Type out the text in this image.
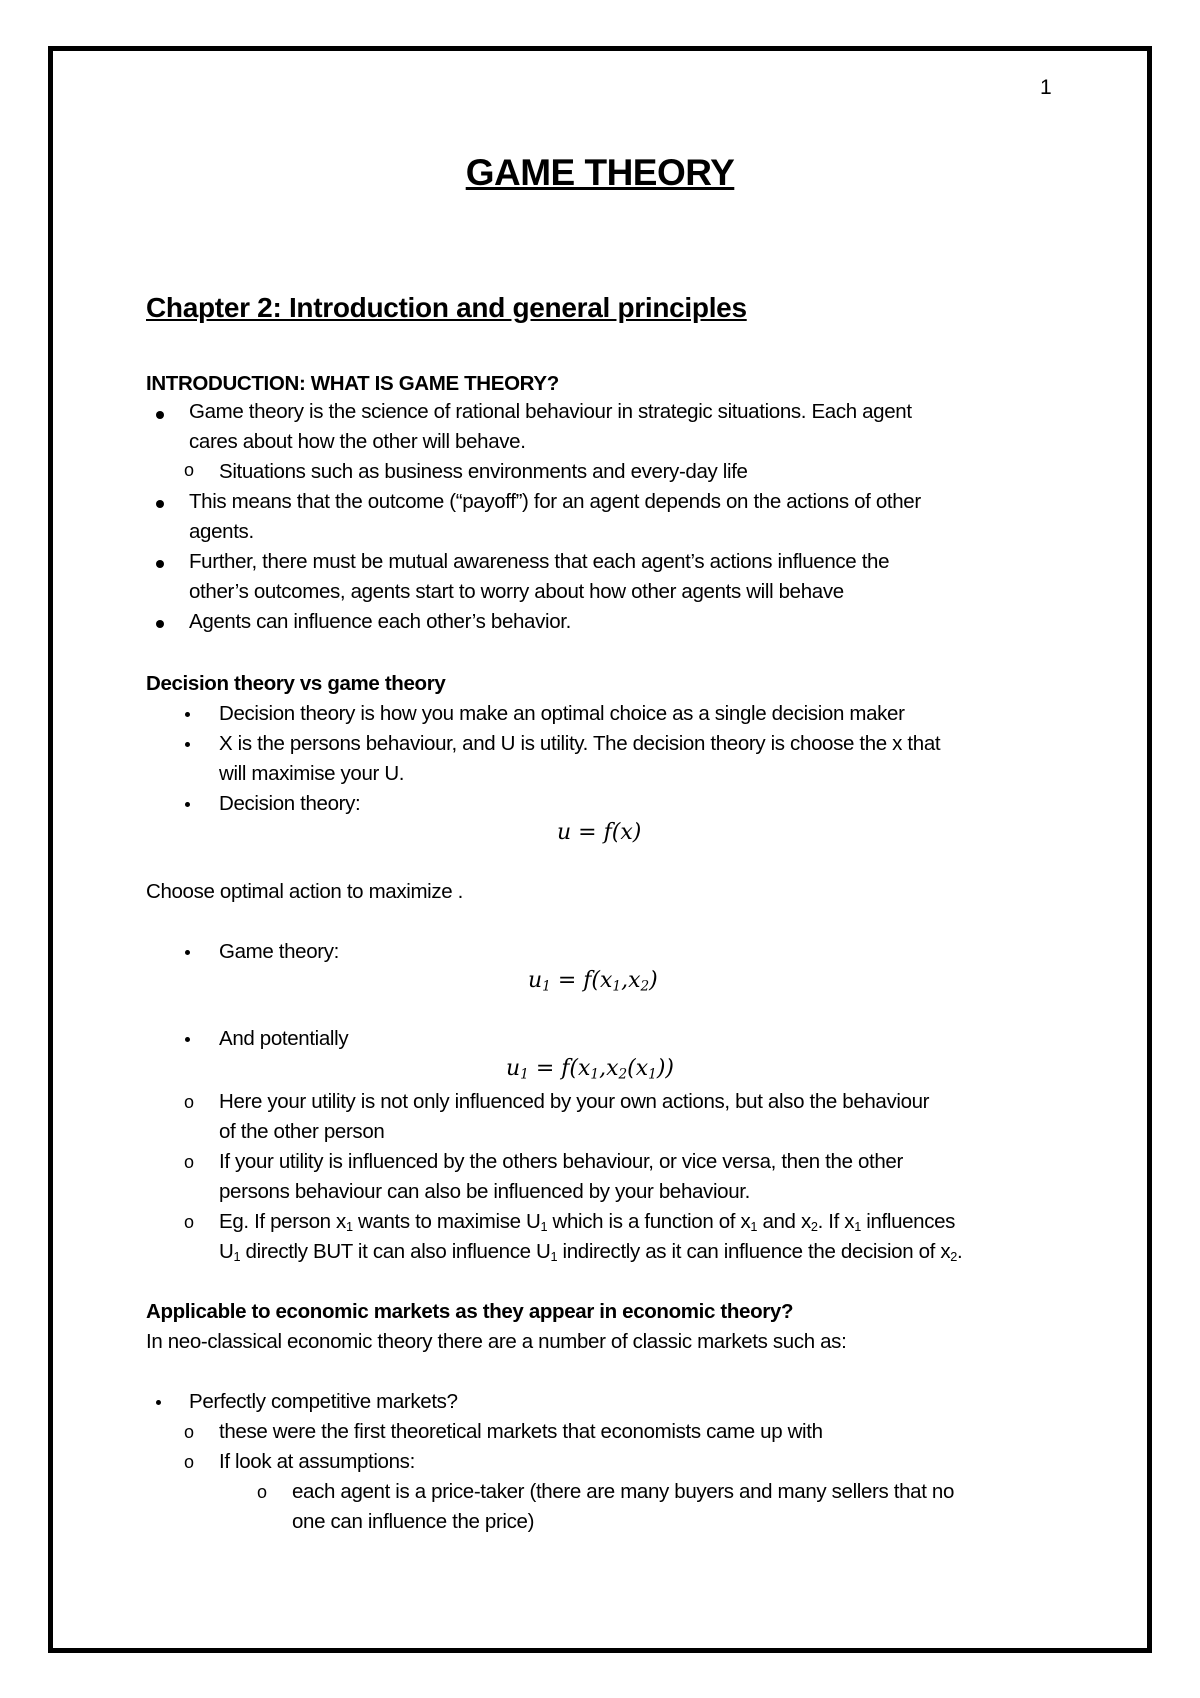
1
GAME THEORY
Chapter 2: Introduction and general principles
INTRODUCTION: WHAT IS GAME THEORY?
Game theory is the science of rational behaviour in strategic situations. Each agent
cares about how the other will behave.
o Situations such as business environments and every-day life
This means that the outcome (“payoff”) for an agent depends on the actions of other
agents.
Further, there must be mutual awareness that each agent’s actions influence the
other’s outcomes, agents start to worry about how other agents will behave
Agents can influence each other’s behavior.
Decision theory vs game theory
Decision theory is how you make an optimal choice as a single decision maker
X is the persons behaviour, and U is utility. The decision theory is choose the x that
will maximise your U.
Decision theory:
u = f(x)
Choose optimal action to maximize .
Game theory:
$u_1 = f(x_1,x_2)$
And potentially
$u_1 = f(x_1,x_2(x_1))$
o Here your utility is not only influenced by your own actions, but also the behaviour
of the other person
o If your utility is influenced by the others behaviour, or vice versa, then the other
persons behaviour can also be influenced by your behaviour.
o Eg. If person $x_1$ wants to maximise $U_1$ which is a function of $x_1$ and $x_2$. If $x_1$ influences
$U_1$ directly BUT it can also influence $U_1$ indirectly as it can influence the decision of $x_2$.
Applicable to economic markets as they appear in economic theory?
In neo-classical economic theory there are a number of classic markets such as:
Perfectly competitive markets?
o these were the first theoretical markets that economists came up with
o If look at assumptions:
o each agent is a price-taker (there are many buyers and many sellers that no
one can influence the price)
